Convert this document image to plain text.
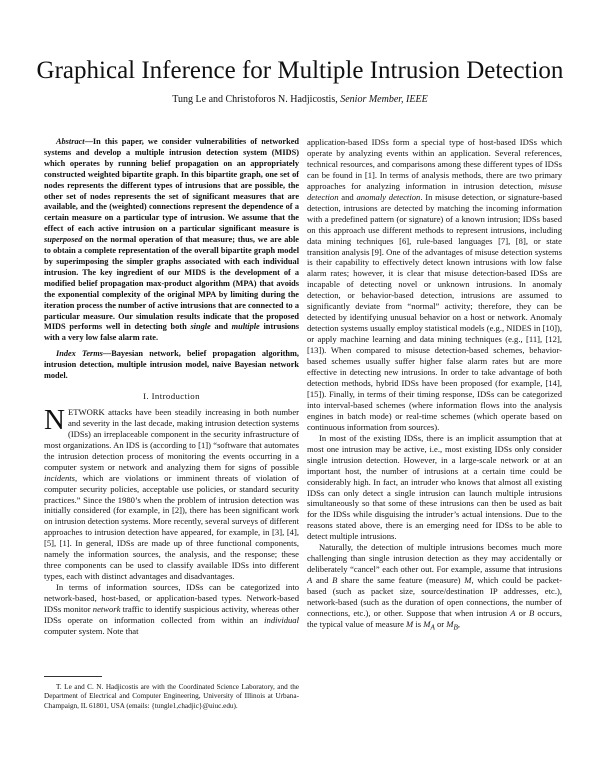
Graphical Inference for Multiple Intrusion Detection
Tung Le and Christoforos N. Hadjicostis, Senior Member, IEEE

Abstract—In this paper, we consider vulnerabilities of networked systems and develop a multiple intrusion detection system (MIDS) which operates by running belief propagation on an appropriately constructed weighted bipartite graph. In this bipartite graph, one set of nodes represents the different types of intrusions that are possible, the other set of nodes represents the set of significant measures that are available, and the (weighted) connections represent the dependence of a certain measure on a particular type of intrusion. We assume that the effect of each active intrusion on a particular significant measure is superposed on the normal operation of that measure; thus, we are able to obtain a complete representation of the overall bipartite graph model by superimposing the simpler graphs associated with each individual intrusion. The key ingredient of our MIDS is the development of a modified belief propagation max-product algorithm (MPA) that avoids the exponential complexity of the original MPA by limiting during the iteration process the number of active intrusions that are connected to a particular measure. Our simulation results indicate that the proposed MIDS performs well in detecting both single and multiple intrusions with a very low false alarm rate.

Index Terms—Bayesian network, belief propagation algorithm, intrusion detection, multiple intrusion model, naive Bayesian network model.

I. Introduction

NETWORK attacks have been steadily increasing in both number and severity in the last decade, making intrusion detection systems (IDSs) an irreplaceable component in the security infrastructure of most organizations. An IDS is (according to [1]) “software that automates the intrusion detection process of monitoring the events occurring in a computer system or network and analyzing them for signs of possible incidents, which are violations or imminent threats of violation of computer security policies, acceptable use policies, or standard security practices.” Since the 1980’s when the problem of intrusion detection was initially considered (for example, in [2]), there has been significant work on intrusion detection systems. More recently, several surveys of different approaches to intrusion detection have appeared, for example, in [3], [4], [5], [1]. In general, IDSs are made up of three functional components, namely the information sources, the analysis, and the response; these three components can be used to classify available IDSs into different types, each with distinct advantages and disadvantages.

In terms of information sources, IDSs can be categorized into network-based, host-based, or application-based types. Network-based IDSs monitor network traffic to identify suspicious activity, whereas other IDSs operate on information collected from within an individual computer system. Note that

T. Le and C. N. Hadjicostis are with the Coordinated Science Laboratory, and the Department of Electrical and Computer Engineering, University of Illinois at Urbana-Champaign, IL 61801, USA (emails: {tungle1,chadjic}@uiuc.edu).

application-based IDSs form a special type of host-based IDSs which operate by analyzing events within an application. Several references, technical resources, and comparisons among these different types of IDSs can be found in [1]. In terms of analysis methods, there are two primary approaches for analyzing information in intrusion detection, misuse detection and anomaly detection. In misuse detection, or signature-based detection, intrusions are detected by matching the incoming information with a predefined pattern (or signature) of a known intrusion; IDSs based on this approach use different methods to represent intrusions, including data mining techniques [6], rule-based languages [7], [8], or state transition analysis [9]. One of the advantages of misuse detection systems is their capability to effectively detect known intrusions with low false alarm rates; however, it is clear that misuse detection-based IDSs are incapable of detecting novel or unknown intrusions. In anomaly detection, or behavior-based detection, intrusions are assumed to significantly deviate from “normal” activity; therefore, they can be detected by identifying unusual behavior on a host or network. Anomaly detection systems usually employ statistical models (e.g., NIDES in [10]), or apply machine learning and data mining techniques (e.g., [11], [12], [13]). When compared to misuse detection-based schemes, behavior-based schemes usually suffer higher false alarm rates but are more effective in detecting new intrusions. In order to take advantage of both detection methods, hybrid IDSs have been proposed (for example, [14], [15]). Finally, in terms of their timing response, IDSs can be categorized into interval-based schemes (where information flows into the analysis engines in batch mode) or real-time schemes (which operate based on continuous information from sources).

In most of the existing IDSs, there is an implicit assumption that at most one intrusion may be active, i.e., most existing IDSs only consider single intrusion detection. However, in a large-scale network or at an important host, the number of intrusions at a certain time could be considerably high. In fact, an intruder who knows that almost all existing IDSs can only detect a single intrusion can launch multiple intrusions simultaneously so that some of these intrusions can then be used as bait for the IDSs while disguising the intruder’s actual intensions. Due to the reasons stated above, there is an emerging need for IDSs to be able to detect multiple intrusions.

Naturally, the detection of multiple intrusions becomes much more challenging than single intrusion detection as they may accidentally or deliberately “cancel” each other out. For example, assume that intrusions A and B share the same feature (measure) M, which could be packet-based (such as packet size, source/destination IP addresses, etc.), network-based (such as the duration of open connections, the number of connections, etc.), or other. Suppose that when intrusion A or B occurs, the typical value of measure M is $M_A$ or $M_B$,
